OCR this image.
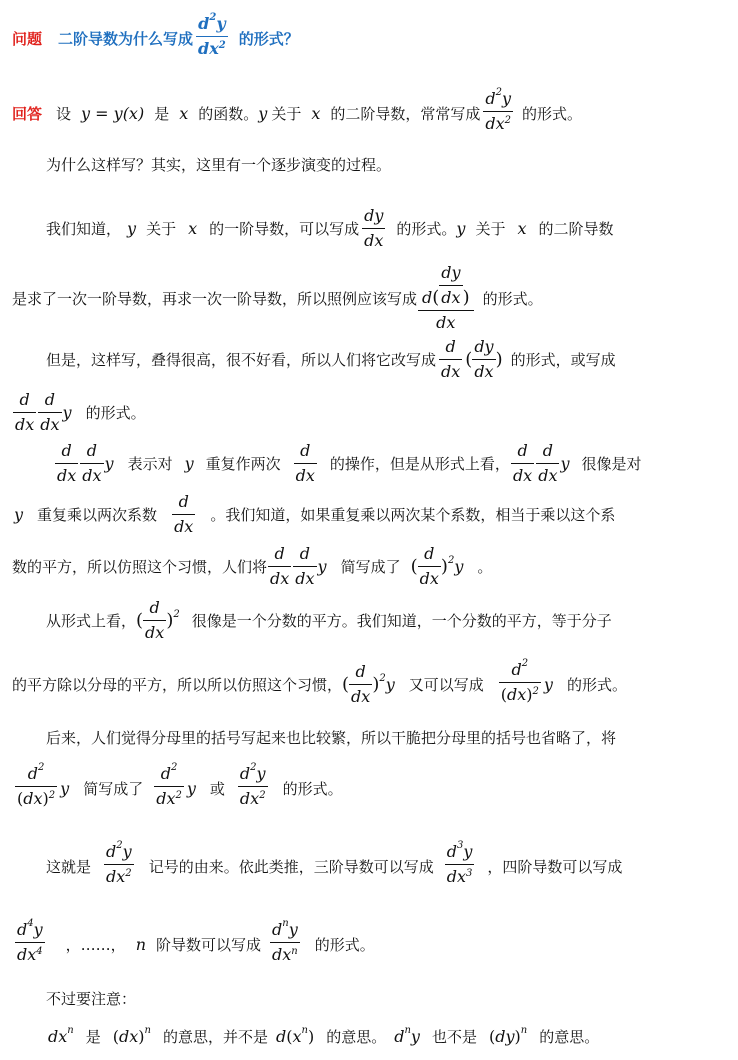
问题 二阶导数为什么写成 $\frac{d^2 y}{dx^2}$ 的形式？
回答 设 y = y(x) 是 x 的函数。 y 关于 x 的二阶导数，常常写成 $\frac{d^2 y}{dx^2}$ 的形式。
为什么这样写？其实，这里有一个逐步演变的过程。
我们知道， y 关于 x 的一阶导数，可以写成 $\frac{dy}{dx}$ 的形式。 y 关于 x 的二阶导数
是求了一次一阶导数，再求一次一阶导数，所以照例应该写成 $\frac{d ( \frac{dy}{dx} )}{dx}$ 的形式。
但是，这样写，叠得很高，很不好看，所以人们将它改写成 $\frac{d}{dx}$ ( $\frac{dy}{dx}$ ) 的形式，或写成
$\frac{d}{dx} \frac{d}{dx}$ y 的形式。
$\frac{d}{dx} \frac{d}{dx}$ y 表示对 y 重复作两次 $\frac{d}{dx}$ 的操作，但是从形式上看， $\frac{d}{dx} \frac{d}{dx}$ y 很像是对
y 重复乘以两次系数 $\frac{d}{dx}$ 。我们知道，如果重复乘以两次某个系数，相当于乘以这个系
数的平方，所以仿照这个习惯，人们将 $\frac{d}{dx} \frac{d}{dx}$ y 简写成了 ( $\frac{d}{dx} )^2$ y 。
从形式上看， ( $\frac{d}{dx} )^2$ 很像是一个分数的平方。我们知道，一个分数的平方，等于分子
的平方除以分母的平方，所以所以仿照这个习惯， ( $\frac{d}{dx} )^2$ y 又可以写成 $\frac{d^2}{(dx)^2}$ y 的形式。
后来，人们觉得分母里的括号写起来也比较繁，所以干脆把分母里的括号也省略了，将
$\frac{d^2}{(dx)^2}$ y 简写成了 $\frac{d^2}{dx^2}$ y 或 $\frac{d^2 y}{dx^2}$ 的形式。
这就是 $\frac{d^2 y}{dx^2}$ 记号的由来。依此类推，三阶导数可以写成 $\frac{d^3 y}{dx^3}$ ，四阶导数可以写成
$\frac{d^4 y}{dx^4}$ ，……， n 阶导数可以写成 $\frac{d^n y}{dx^n}$ 的形式。
不过要注意：
$dx^n$ 是 ( dx )$^n$ 的意思，并不是 d ( $x^n$ ) 的意思。 $d^n$ y 也不是 ( dy )$^n$ 的意思。
